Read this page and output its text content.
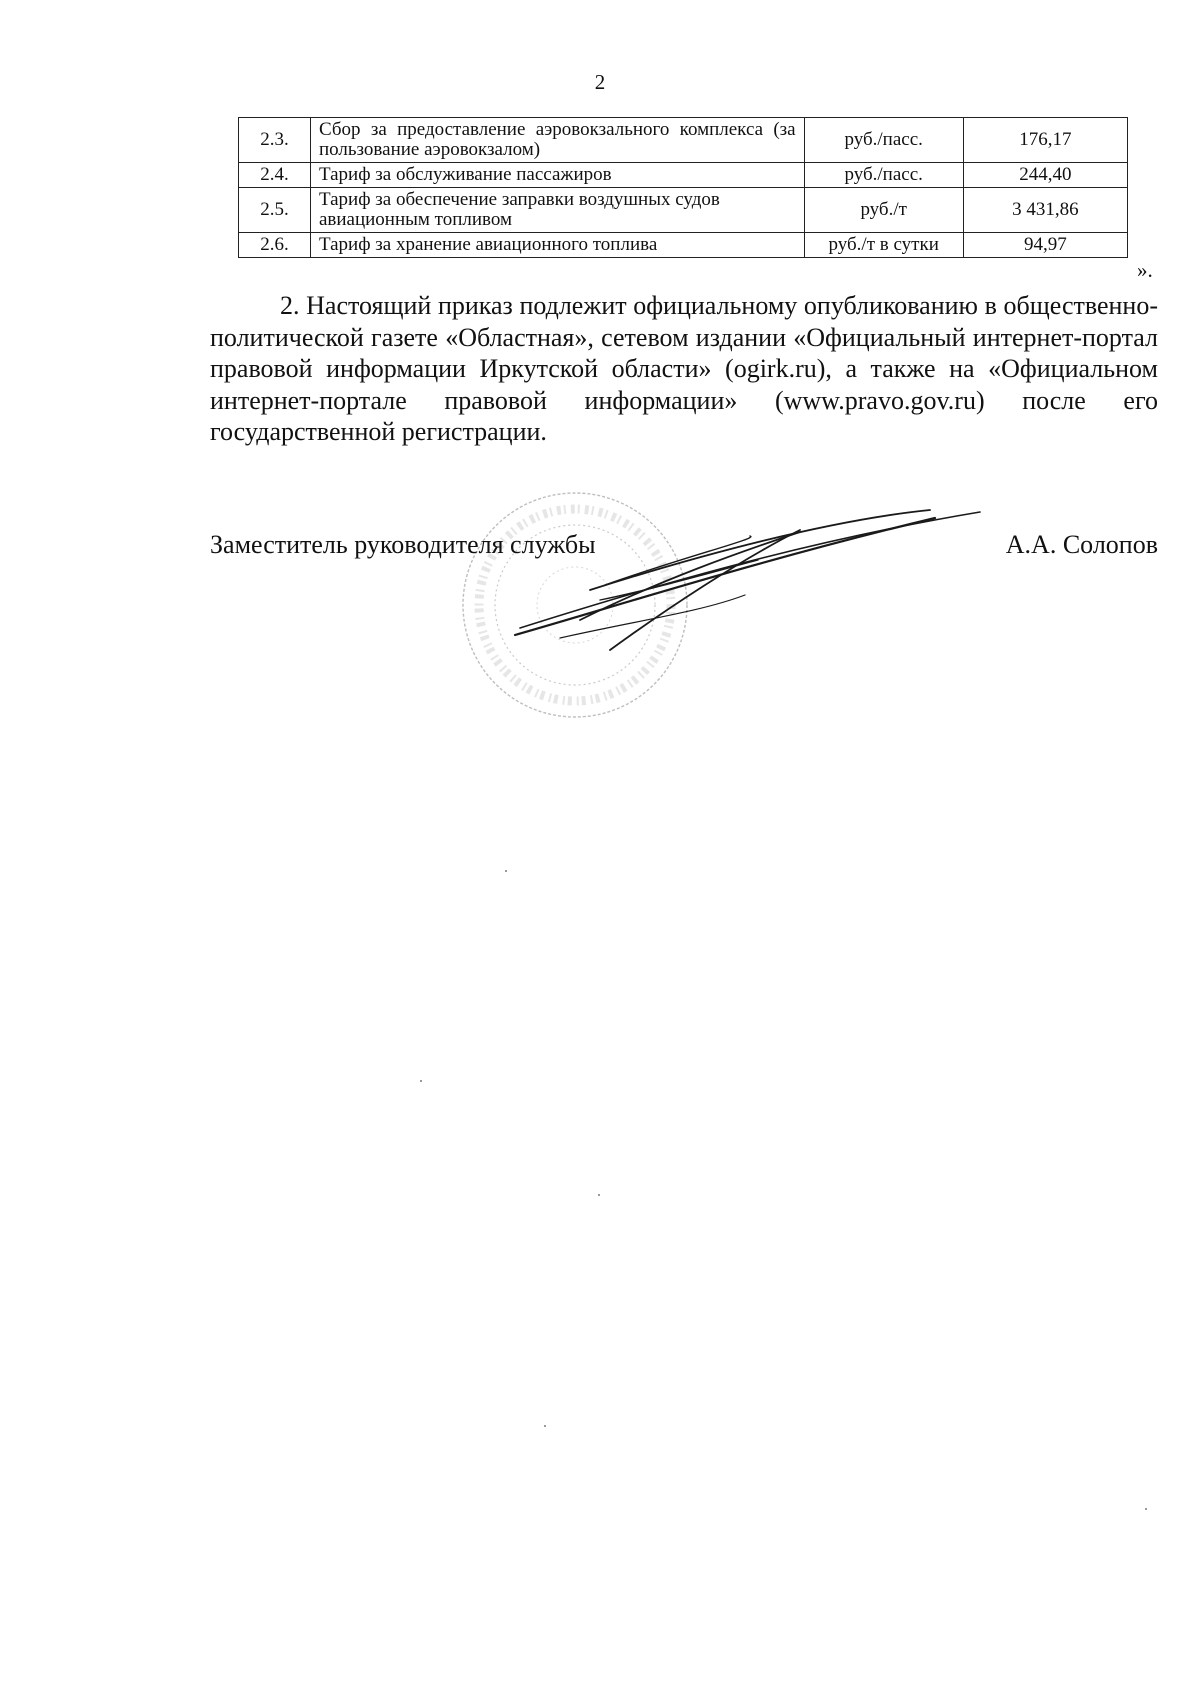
2
2.3.	Сбор за предоставление аэровокзального комплекса (за пользование аэровокзалом)	руб./пасс.	176,17
2.4.	Тариф за обслуживание пассажиров	руб./пасс.	244,40
2.5.	Тариф за обеспечение заправки воздушных судов авиационным топливом	руб./т	3 431,86
2.6.	Тариф за хранение авиационного топлива	руб./т в сутки	94,97
».
2. Настоящий приказ подлежит официальному опубликованию в общественно-политической газете «Областная», сетевом издании «Официальный интернет-портал правовой информации Иркутской области» (ogirk.ru), а также на «Официальном интернет-портале правовой информации» (www.pravo.gov.ru) после его государственной регистрации.
Заместитель руководителя службы	А.А. Солопов
